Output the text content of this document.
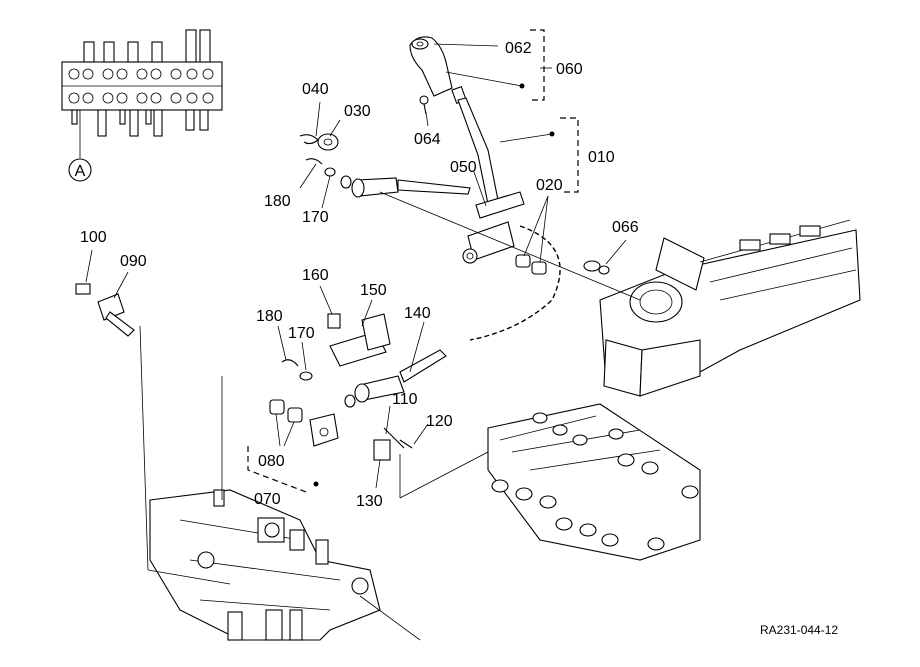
A
062
060
040
030
064
010
050
020
180
170
066
100
090
160
150
140
180
170
110
120
080
070	130
RA231-044-12
